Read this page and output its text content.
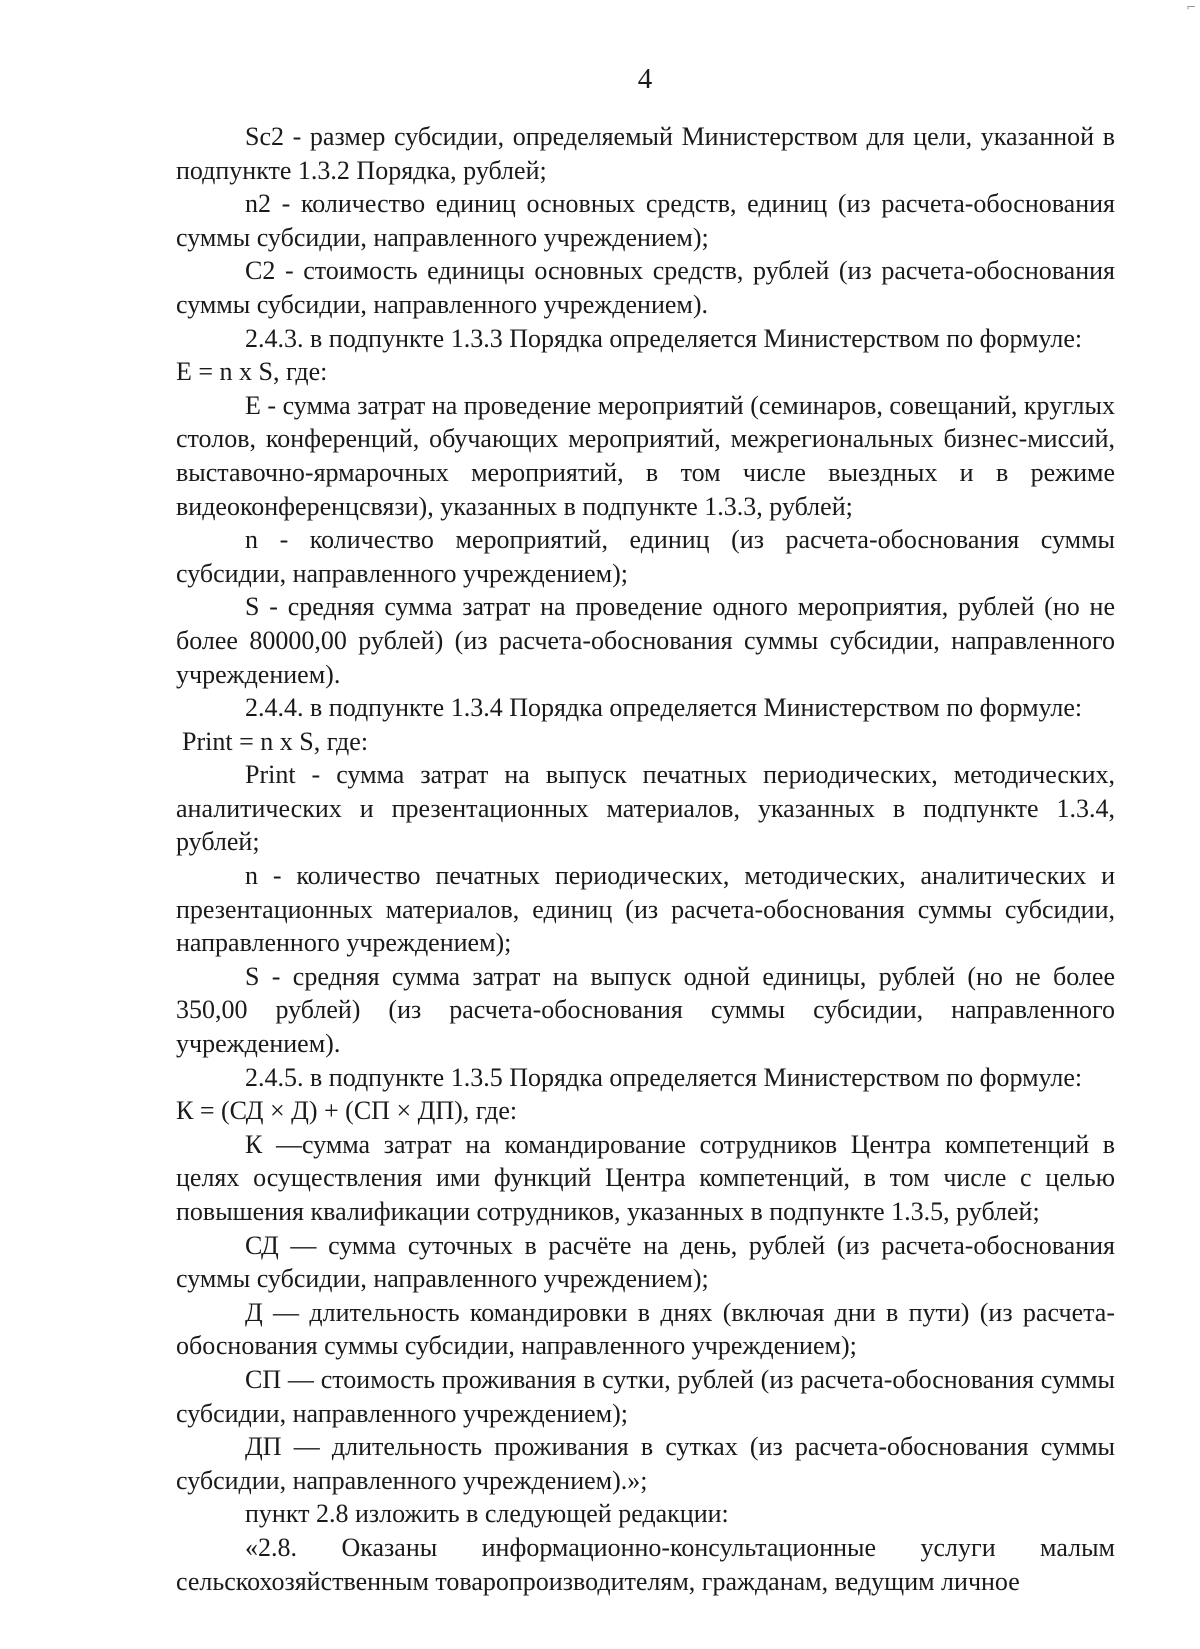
4

Sc2 - размер субсидии, определяемый Министерством для цели, указанной в подпункте 1.3.2 Порядка, рублей;

n2 - количество единиц основных средств, единиц (из расчета-обоснования суммы субсидии, направленного учреждением);

C2 - стоимость единицы основных средств, рублей (из расчета-обоснования суммы субсидии, направленного учреждением).

2.4.3. в подпункте 1.3.3 Порядка определяется Министерством по формуле:

E = n x S, где:

E - сумма затрат на проведение мероприятий (семинаров, совещаний, круглых столов, конференций, обучающих мероприятий, межрегиональных бизнес-миссий, выставочно-ярмарочных мероприятий, в том числе выездных и в режиме видеоконференцсвязи), указанных в подпункте 1.3.3, рублей;

n - количество мероприятий, единиц (из расчета-обоснования суммы субсидии, направленного учреждением);

S - средняя сумма затрат на проведение одного мероприятия, рублей (но не более 80000,00 рублей) (из расчета-обоснования суммы субсидии, направленного учреждением).

2.4.4. в подпункте 1.3.4 Порядка определяется Министерством по формуле:

Print = n x S, где:

Print - сумма затрат на выпуск печатных периодических, методических, аналитических и презентационных материалов, указанных в подпункте 1.3.4, рублей;

n - количество печатных периодических, методических, аналитических и презентационных материалов, единиц (из расчета-обоснования суммы субсидии, направленного учреждением);

S - средняя сумма затрат на выпуск одной единицы, рублей (но не более 350,00 рублей) (из расчета-обоснования суммы субсидии, направленного учреждением).

2.4.5. в подпункте 1.3.5 Порядка определяется Министерством по формуле:

К = (СД × Д) + (СП × ДП), где:

К —сумма затрат на командирование сотрудников Центра компетенций в целях осуществления ими функций Центра компетенций, в том числе с целью повышения квалификации сотрудников, указанных в подпункте 1.3.5, рублей;

СД — сумма суточных в расчёте на день, рублей (из расчета-обоснования суммы субсидии, направленного учреждением);

Д — длительность командировки в днях (включая дни в пути) (из расчета-обоснования суммы субсидии, направленного учреждением);

СП — стоимость проживания в сутки, рублей (из расчета-обоснования суммы субсидии, направленного учреждением);

ДП — длительность проживания в сутках (из расчета-обоснования суммы субсидии, направленного учреждением).»;

пункт 2.8 изложить в следующей редакции:

«2.8. Оказаны информационно-консультационные услуги малым сельскохозяйственным товаропроизводителям, гражданам, ведущим личное

⌐
